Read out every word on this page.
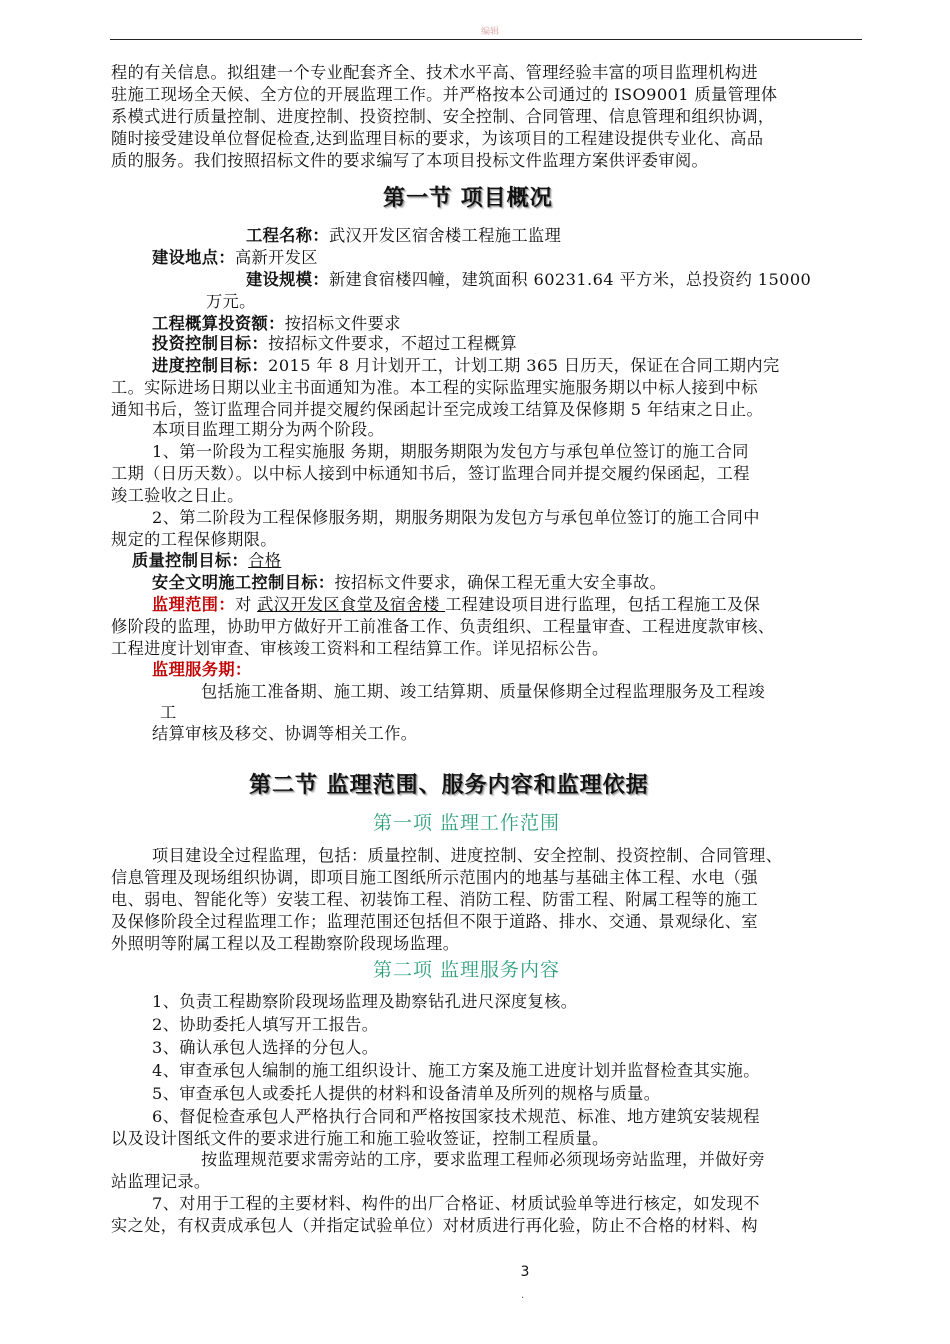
编辑
程的有关信息。拟组建一个专业配套齐全、技术水平高、管理经验丰富的项目监理机构进
驻施工现场全天候、全方位的开展监理工作。并严格按本公司通过的 ISO9001 质量管理体
系模式进行质量控制、进度控制、投资控制、安全控制、合同管理、信息管理和组织协调，
随时接受建设单位督促检查,达到监理目标的要求，为该项目的工程建设提供专业化、高品
质的服务。我们按照招标文件的要求编写了本项目投标文件监理方案供评委审阅。
第一节 项目概况
工程名称：武汉开发区宿舍楼工程施工监理
建设地点：高新开发区
建设规模：新建食宿楼四幢，建筑面积 60231.64 平方米，总投资约 15000
万元。
工程概算投资额：按招标文件要求
投资控制目标：按招标文件要求，不超过工程概算
进度控制目标：2015 年 8 月计划开工，计划工期 365 日历天，保证在合同工期内完
工。实际进场日期以业主书面通知为准。本工程的实际监理实施服务期以中标人接到中标
通知书后，签订监理合同并提交履约保函起计至完成竣工结算及保修期 5 年结束之日止。
本项目监理工期分为两个阶段。
1、第一阶段为工程实施服 务期，期服务期限为发包方与承包单位签订的施工合同
工期（日历天数）。以中标人接到中标通知书后，签订监理合同并提交履约保函起，工程
竣工验收之日止。
2、第二阶段为工程保修服务期，期服务期限为发包方与承包单位签订的施工合同中
规定的工程保修期限。
质量控制目标：合格
安全文明施工控制目标：按招标文件要求，确保工程无重大安全事故。
监理范围：对 武汉开发区食堂及宿舍楼 工程建设项目进行监理，包括工程施工及保
修阶段的监理，协助甲方做好开工前准备工作、负责组织、工程量审查、工程进度款审核、
工程进度计划审查、审核竣工资料和工程结算工作。详见招标公告。
监理服务期：
包括施工准备期、施工期、竣工结算期、质量保修期全过程监理服务及工程竣
工
结算审核及移交、协调等相关工作。
第二节 监理范围、服务内容和监理依据
第一项 监理工作范围
项目建设全过程监理，包括：质量控制、进度控制、安全控制、投资控制、合同管理、
信息管理及现场组织协调，即项目施工图纸所示范围内的地基与基础主体工程、水电（强
电、弱电、智能化等）安装工程、初装饰工程、消防工程、防雷工程、附属工程等的施工
及保修阶段全过程监理工作；监理范围还包括但不限于道路、排水、交通、景观绿化、室
外照明等附属工程以及工程勘察阶段现场监理。
第二项 监理服务内容
1、负责工程勘察阶段现场监理及勘察钻孔进尺深度复核。
2、协助委托人填写开工报告。
3、确认承包人选择的分包人。
4、审查承包人编制的施工组织设计、施工方案及施工进度计划并监督检查其实施。
5、审查承包人或委托人提供的材料和设备清单及所列的规格与质量。
6、督促检查承包人严格执行合同和严格按国家技术规范、标准、地方建筑安装规程
以及设计图纸文件的要求进行施工和施工验收签证，控制工程质量。
按监理规范要求需旁站的工序，要求监理工程师必须现场旁站监理，并做好旁
站监理记录。
7、对用于工程的主要材料、构件的出厂合格证、材质试验单等进行核定，如发现不
实之处，有权责成承包人（并指定试验单位）对材质进行再化验，防止不合格的材料、构
3
.
